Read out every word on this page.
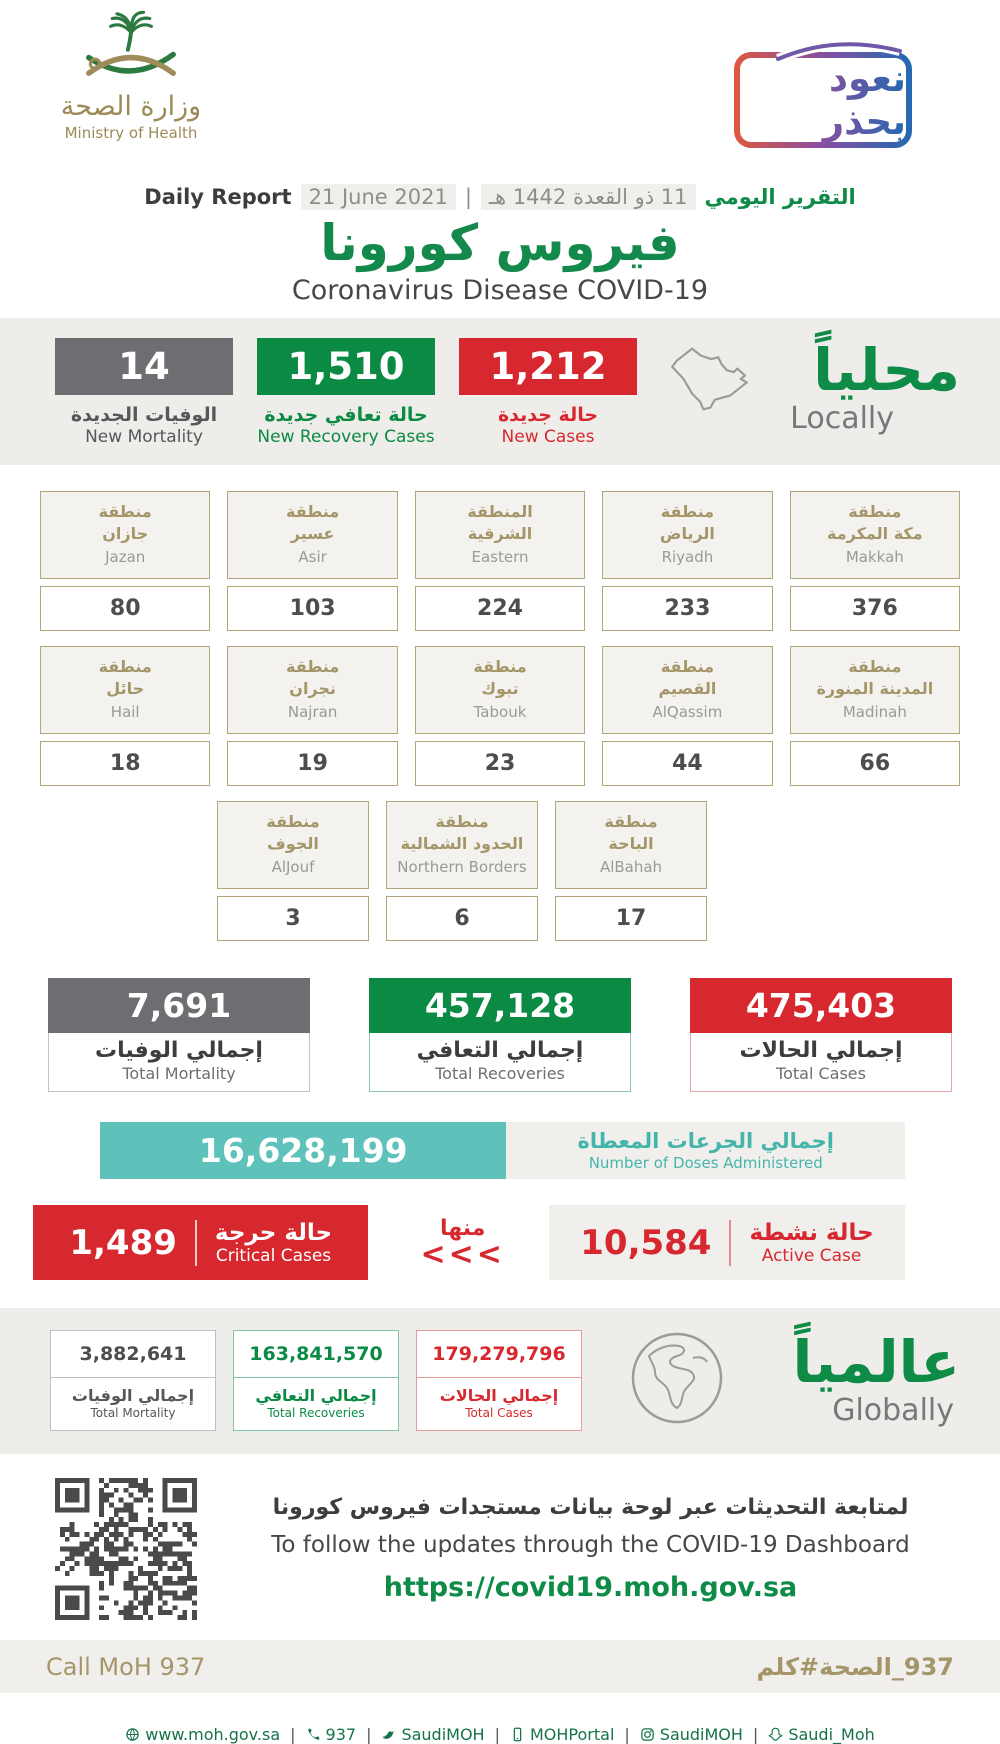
وزارة الصحة
Ministry of Health
نعود بحذر
Daily Report 21 June 2021 | 11 ذو القعدة 1442 هـ التقرير اليومي
فيروس كورونا
Coronavirus Disease COVID-19
14
الوفيات الجديدة
New Mortality
1,510
حالة تعافي جديدة
New Recovery Cases
1,212
حالة جديدة
New Cases
محلياً
Locally
منطقة
جازان
Jazan
80
منطقة
عسير
Asir
103
المنطقة
الشرقية
Eastern
224
منطقة
الرياض
Riyadh
233
منطقة
مكة المكرمة
Makkah
376
منطقة
حائل
Hail
18
منطقة
نجران
Najran
19
منطقة
تبوك
Tabouk
23
منطقة
القصيم
AlQassim
44
منطقة
المدينة المنورة
Madinah
66
منطقة
الجوف
AlJouf
3
منطقة
الحدود الشمالية
Northern Borders
6
منطقة
الباحة
AlBahah
17
7,691
إجمالي الوفيات
Total Mortality
457,128
إجمالي التعافي
Total Recoveries
475,403
إجمالي الحالات
Total Cases
16,628,199	إجمالي الجرعات المعطاة
Number of Doses Administered
1,489 حالة حرجة
Critical Cases
منها
<<< 10,584 حالة نشطة
Active Case
3,882,641
إجمالي الوفيات
Total Mortality
163,841,570
إجمالي التعافي
Total Recoveries
179,279,796
إجمالي الحالات
Total Cases
عالمياً
Globally
لمتابعة التحديثات عبر لوحة بيانات مستجدات فيروس كورونا
To follow the updates through the COVID-19 Dashboard
https://covid19.moh.gov.sa
Call MoH 937	كلم # الصحة _937
www.moh.gov.sa | 937 | SaudiMOH | MOHPortal | SaudiMOH | Saudi_Moh
